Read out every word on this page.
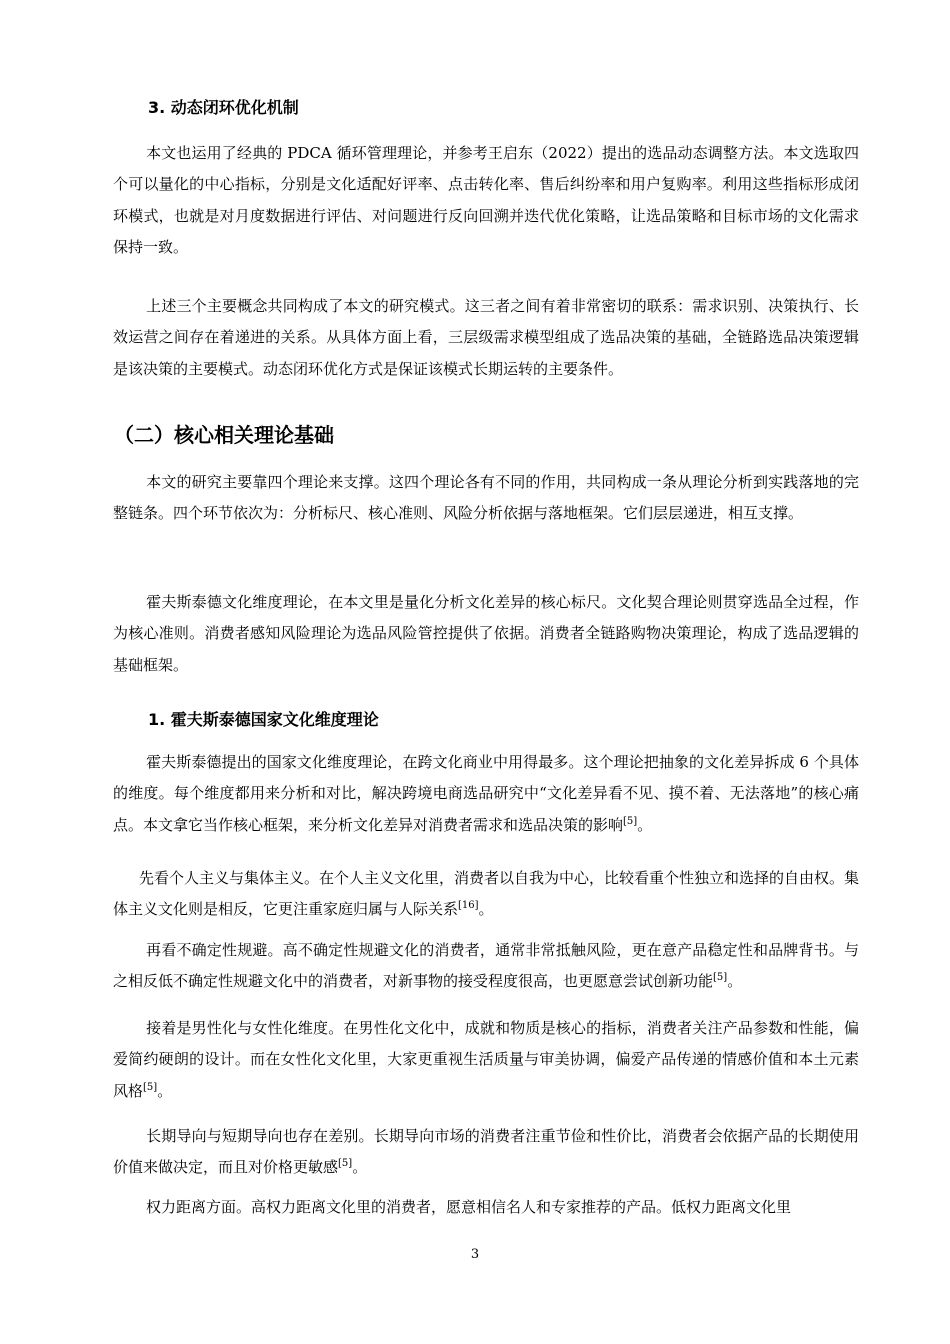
3. 动态闭环优化机制

本文也运用了经典的 PDCA 循环管理理论，并参考王启东（2022）提出的选品动态调整方法。本文选取四个可以量化的中心指标，分别是文化适配好评率、点击转化率、售后纠纷率和用户复购率。利用这些指标形成闭环模式，也就是对月度数据进行评估、对问题进行反向回溯并迭代优化策略，让选品策略和目标市场的文化需求保持一致。

上述三个主要概念共同构成了本文的研究模式。这三者之间有着非常密切的联系：需求识别、决策执行、长效运营之间存在着递进的关系。从具体方面上看，三层级需求模型组成了选品决策的基础，全链路选品决策逻辑是该决策的主要模式。动态闭环优化方式是保证该模式长期运转的主要条件。

（二）核心相关理论基础

本文的研究主要靠四个理论来支撑。这四个理论各有不同的作用，共同构成一条从理论分析到实践落地的完整链条。四个环节依次为：分析标尺、核心准则、风险分析依据与落地框架。它们层层递进，相互支撑。

霍夫斯泰德文化维度理论，在本文里是量化分析文化差异的核心标尺。文化契合理论则贯穿选品全过程，作为核心准则。消费者感知风险理论为选品风险管控提供了依据。消费者全链路购物决策理论，构成了选品逻辑的基础框架。

1. 霍夫斯泰德国家文化维度理论

霍夫斯泰德提出的国家文化维度理论，在跨文化商业中用得最多。这个理论把抽象的文化差异拆成 6 个具体的维度。每个维度都用来分析和对比，解决跨境电商选品研究中“文化差异看不见、摸不着、无法落地”的核心痛点。本文拿它当作核心框架，来分析文化差异对消费者需求和选品决策的影响[5]。

先看个人主义与集体主义。在个人主义文化里，消费者以自我为中心，比较看重个性独立和选择的自由权。集体主义文化则是相反，它更注重家庭归属与人际关系[16]。

再看不确定性规避。高不确定性规避文化的消费者，通常非常抵触风险，更在意产品稳定性和品牌背书。与之相反低不确定性规避文化中的消费者，对新事物的接受程度很高，也更愿意尝试创新功能[5]。

接着是男性化与女性化维度。在男性化文化中，成就和物质是核心的指标，消费者关注产品参数和性能，偏爱简约硬朗的设计。而在女性化文化里，大家更重视生活质量与审美协调，偏爱产品传递的情感价值和本土元素风格[5]。

长期导向与短期导向也存在差别。长期导向市场的消费者注重节俭和性价比，消费者会依据产品的长期使用价值来做决定，而且对价格更敏感[5]。

权力距离方面。高权力距离文化里的消费者，愿意相信名人和专家推荐的产品。低权力距离文化里

3
